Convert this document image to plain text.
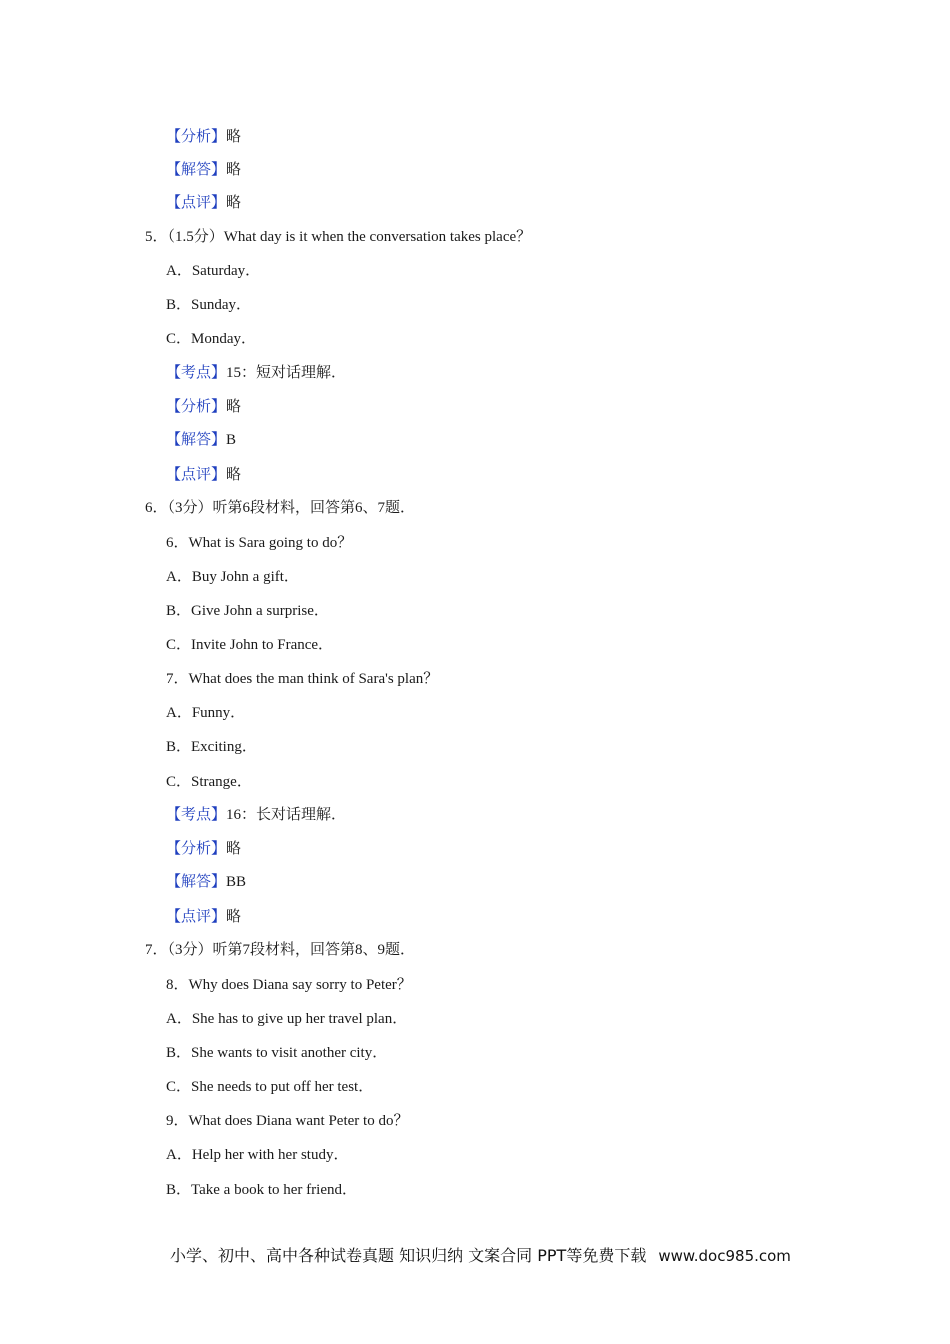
【分析】略
【解答】略
【点评】略
5．（1.5分）What day is it when the conversation takes place？
A．Saturday．
B．Sunday．
C．Monday．
【考点】15：短对话理解．
【分析】略
【解答】B
【点评】略
6．（3分）听第6段材料，回答第6、7题．
6．What is Sara going to do？
A．Buy John a gift．
B．Give John a surprise．
C．Invite John to France．
7．What does the man think of Sara's plan？
A．Funny．
B．Exciting．
C．Strange．
【考点】16：长对话理解．
【分析】略
【解答】BB
【点评】略
7．（3分）听第7段材料，回答第8、9题．
8．Why does Diana say sorry to Peter？
A．She has to give up her travel plan．
B．She wants to visit another city．
C．She needs to put off her test．
9．What does Diana want Peter to do？
A．Help her with her study．
B．Take a book to her friend．
小学、初中、高中各种试卷真题 知识归纳 文案合同 PPT等免费下载 www.doc985.com
